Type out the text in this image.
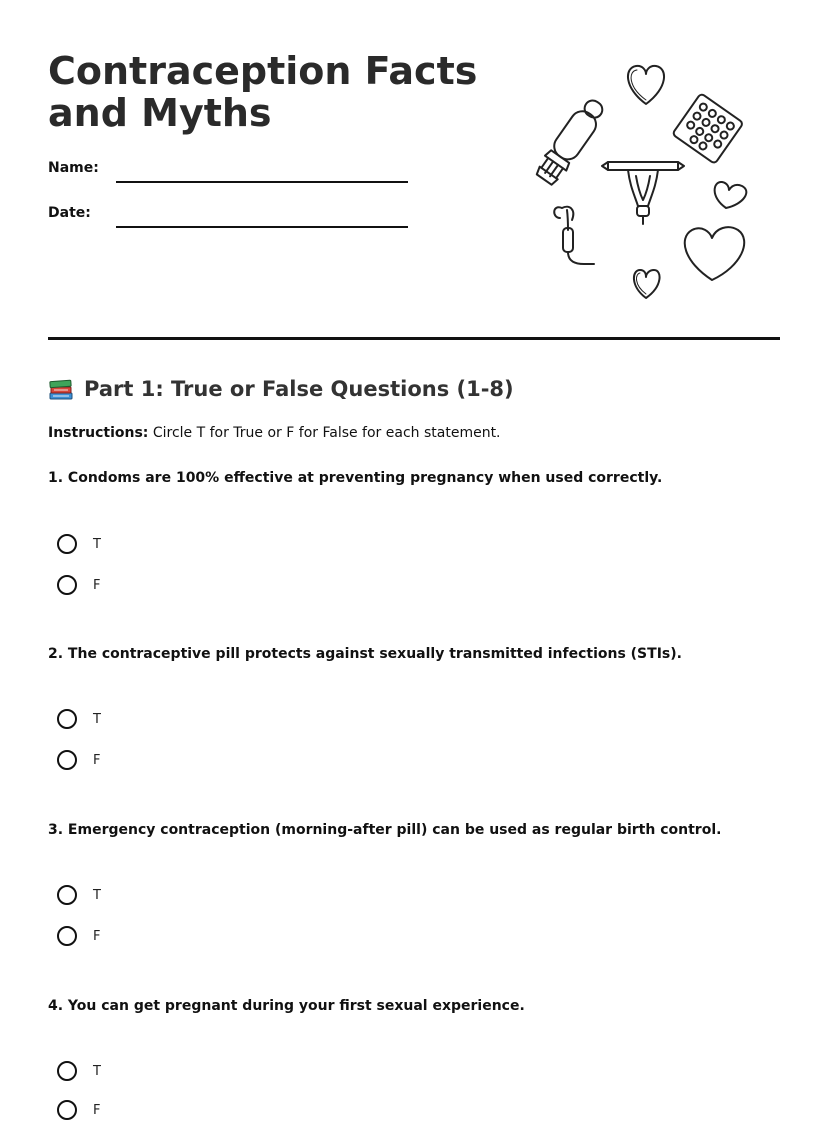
Contraception Facts and Myths
Name:
Date:
Part 1: True or False Questions (1-8)
Instructions: Circle T for True or F for False for each statement.
1. Condoms are 100% effective at preventing pregnancy when used correctly.
T
F
2. The contraceptive pill protects against sexually transmitted infections (STIs).
T
F
3. Emergency contraception (morning-after pill) can be used as regular birth control.
T
F
4. You can get pregnant during your first sexual experience.
T
F
